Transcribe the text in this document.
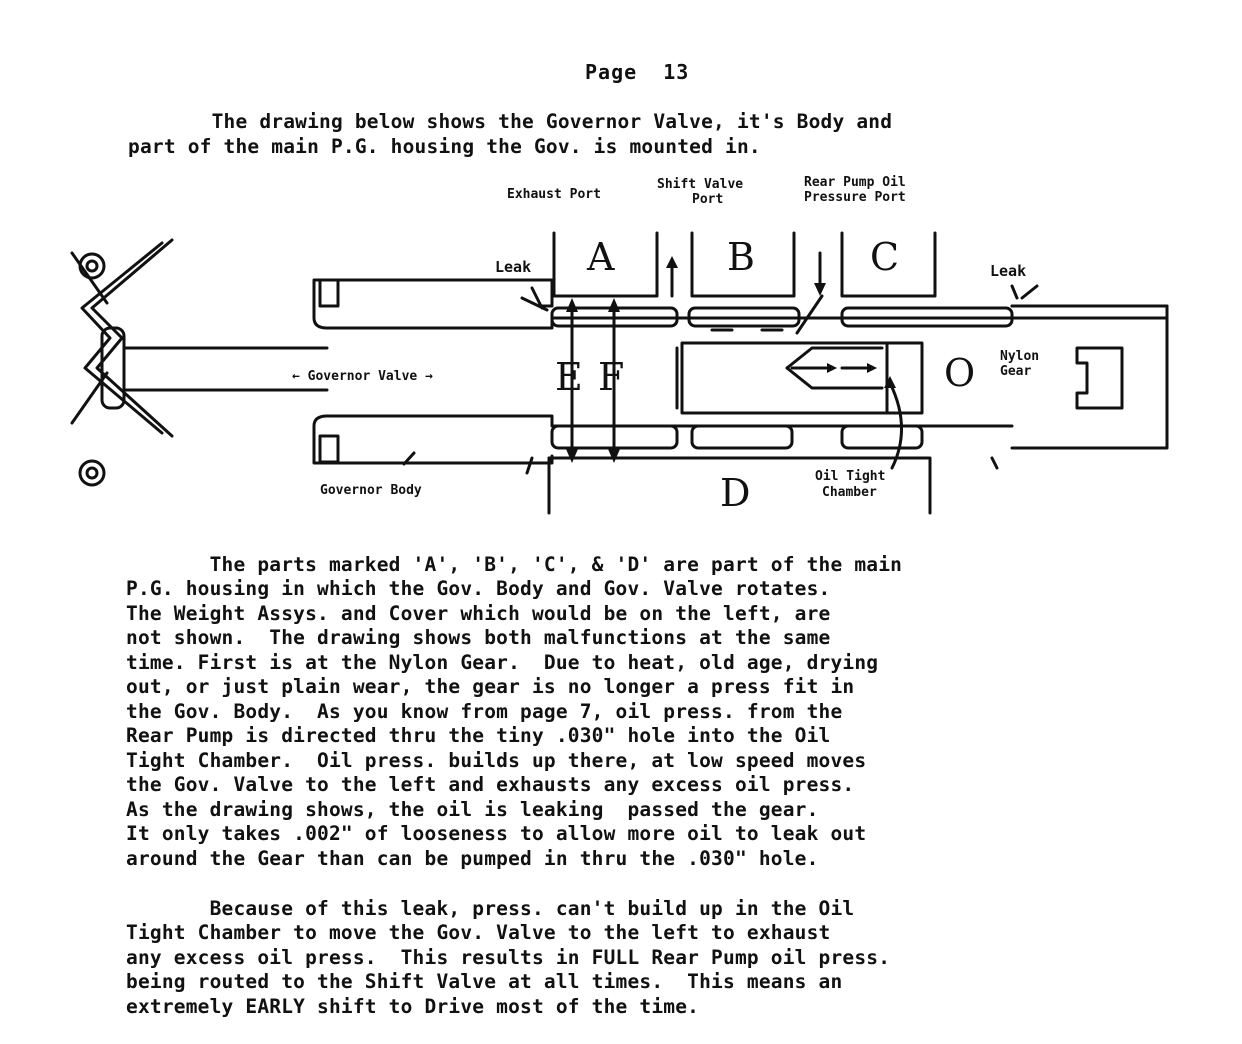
Page  13
The drawing below shows the Governor Valve, it's Body and
part of the main P.G. housing the Gov. is mounted in.
Exhaust Port
Shift Valve
Port
Rear Pump Oil
Pressure Port
Leak	Leak
← Governor Valve →
Nylon
Gear
Governor Body
Oil Tight
Chamber
A	B	C
D
E F	O

The parts marked 'A', 'B', 'C', & 'D' are part of the main
P.G. housing in which the Gov. Body and Gov. Valve rotates.
The Weight Assys. and Cover which would be on the left, are
not shown.  The drawing shows both malfunctions at the same
time. First is at the Nylon Gear.  Due to heat, old age, drying
out, or just plain wear, the gear is no longer a press fit in
the Gov. Body.  As you know from page 7, oil press. from the
Rear Pump is directed thru the tiny .030" hole into the Oil
Tight Chamber.  Oil press. builds up there, at low speed moves
the Gov. Valve to the left and exhausts any excess oil press.
As the drawing shows, the oil is leaking  passed the gear.
It only takes .002" of looseness to allow more oil to leak out
around the Gear than can be pumped in thru the .030" hole.

Because of this leak, press. can't build up in the Oil
Tight Chamber to move the Gov. Valve to the left to exhaust
any excess oil press.  This results in FULL Rear Pump oil press.
being routed to the Shift Valve at all times.  This means an
extremely EARLY shift to Drive most of the time.
